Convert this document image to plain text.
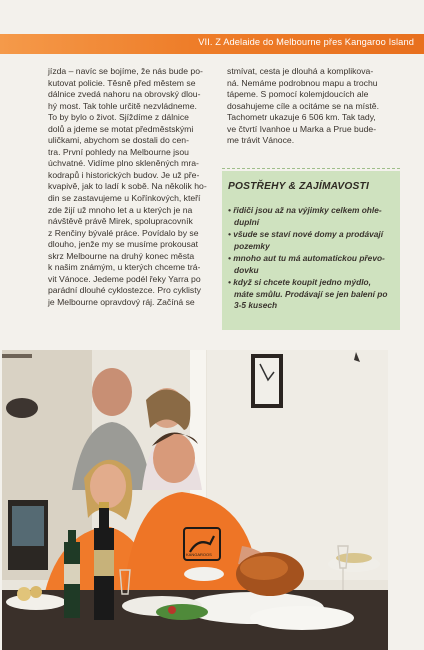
VII. Z Adelaide do Melbourne přes Kangaroo Island

jízda – navíc se bojíme, že nás bude po-
kutovat policie. Těsně před městem se
dálnice zvedá nahoru na obrovský dlou-
hý most. Tak tohle určitě nezvládneme.
To by bylo o život. Sjíždíme z dálnice
dolů a jdeme se motat předměstskými
uličkami, abychom se dostali do cen-
tra. První pohledy na Melbourne jsou
úchvatné. Vidíme plno skleněných mra-
kodrapů i historických budov. Je už pře-
kvapivě, jak to ladí k sobě. Na několik ho-
din se zastavujeme u Kořínkových, kteří
zde žijí už mnoho let a u kterých je na
návštěvě právě Mirek, spolupracovník
z Renčiny bývalé práce. Povídalo by se
dlouho, jenže my se musíme prokousat
skrz Melbourne na druhý konec města
k našim známým, u kterých chceme trá-
vit Vánoce. Jedeme podél řeky Yarra po
parádní dlouhé cyklostezce. Pro cyklisty
je Melbourne opravdový ráj. Začíná se

stmívat, cesta je dlouhá a komplikova-
ná. Nemáme podrobnou mapu a trochu
tápeme. S pomocí kolemjdoucích ale
dosahujeme cíle a ocitáme se na místě.
Tachometr ukazuje 6 506 km. Tak tady,
ve čtvrtí Ivanhoe u Marka a Prue bude-
me trávit Vánoce.

POSTŘEHY & ZAJÍMAVOSTI
• řidiči jsou až na výjimky celkem ohle-
duplní
• všude se staví nové domy a prodávají
pozemky
• mnoho aut tu má automatickou převo-
dovku
• když si chcete koupit jedno mýdlo,
máte smůlu. Prodávají se jen balení po
3-5 kusech
KANGAROOS
